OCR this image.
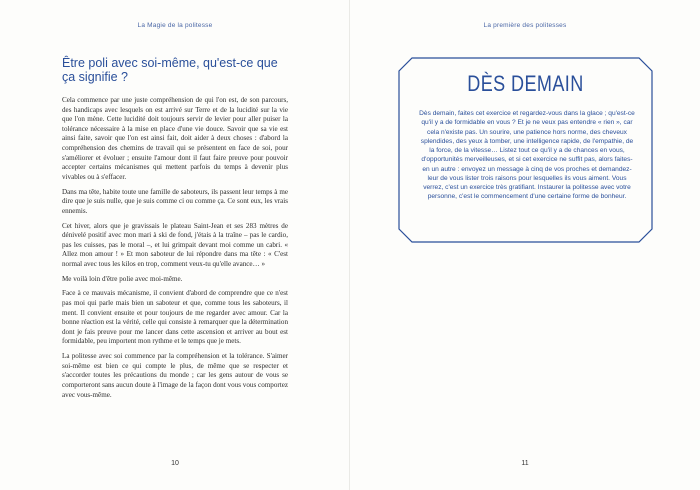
La Magie de la politesse
Être poli avec soi-même, qu'est-ce que ça signifie ?

Cela commence par une juste compréhension de qui l'on est, de son parcours, des handicaps avec lesquels on est arrivé sur Terre et de la lucidité sur la vie que l'on mène. Cette lucidité doit toujours servir de levier pour aller puiser la tolérance nécessaire à la mise en place d'une vie douce. Savoir que sa vie est ainsi faite, savoir que l'on est ainsi fait, doit aider à deux choses : d'abord la compréhension des chemins de travail qui se présentent en face de soi, pour s'améliorer et évoluer ; ensuite l'amour dont il faut faire preuve pour pouvoir accepter certains mécanismes qui mettent parfois du temps à devenir plus vivables ou à s'effacer.

Dans ma tête, habite toute une famille de saboteurs, ils passent leur temps à me dire que je suis nulle, que je suis comme ci ou comme ça. Ce sont eux, les vrais ennemis.

Cet hiver, alors que je gravissais le plateau Saint-Jean et ses 283 mètres de dénivelé positif avec mon mari à ski de fond, j'étais à la traîne – pas le cardio, pas les cuisses, pas le moral –, et lui grimpait devant moi comme un cabri. « Allez mon amour ! » Et mon saboteur de lui répondre dans ma tête : « C'est normal avec tous les kilos en trop, comment veux-tu qu'elle avance… »

Me voilà loin d'être polie avec moi-même.

Face à ce mauvais mécanisme, il convient d'abord de comprendre que ce n'est pas moi qui parle mais bien un saboteur et que, comme tous les saboteurs, il ment. Il convient ensuite et pour toujours de me regarder avec amour. Car la bonne réaction est la vérité, celle qui consiste à remarquer que la détermination dont je fais preuve pour me lancer dans cette ascension et arriver au bout est formidable, peu importent mon rythme et le temps que je mets.

La politesse avec soi commence par la compréhension et la tolérance. S'aimer soi-même est bien ce qui compte le plus, de même que se respecter et s'accorder toutes les précautions du monde ; car les gens autour de vous se comporteront sans aucun doute à l'image de la façon dont vous vous comportez avec vous-même.

10
La première des politesses
11
DÈS DEMAIN
Dès demain, faites cet exercice et regardez-vous dans la glace ; qu'est-ce qu'il y a de formidable en vous ? Et je ne veux pas entendre « rien », car cela n'existe pas. Un sourire, une patience hors norme, des cheveux splendides, des yeux à tomber, une intelligence rapide, de l'empathie, de la force, de la vitesse… Listez tout ce qu'il y a de chances en vous, d'opportunités merveilleuses, et si cet exercice ne suffit pas, alors faites-en un autre : envoyez un message à cinq de vos proches et demandez-leur de vous lister trois raisons pour lesquelles ils vous aiment. Vous verrez, c'est un exercice très gratifiant. Instaurer la politesse avec votre personne, c'est le commencement d'une certaine forme de bonheur.
